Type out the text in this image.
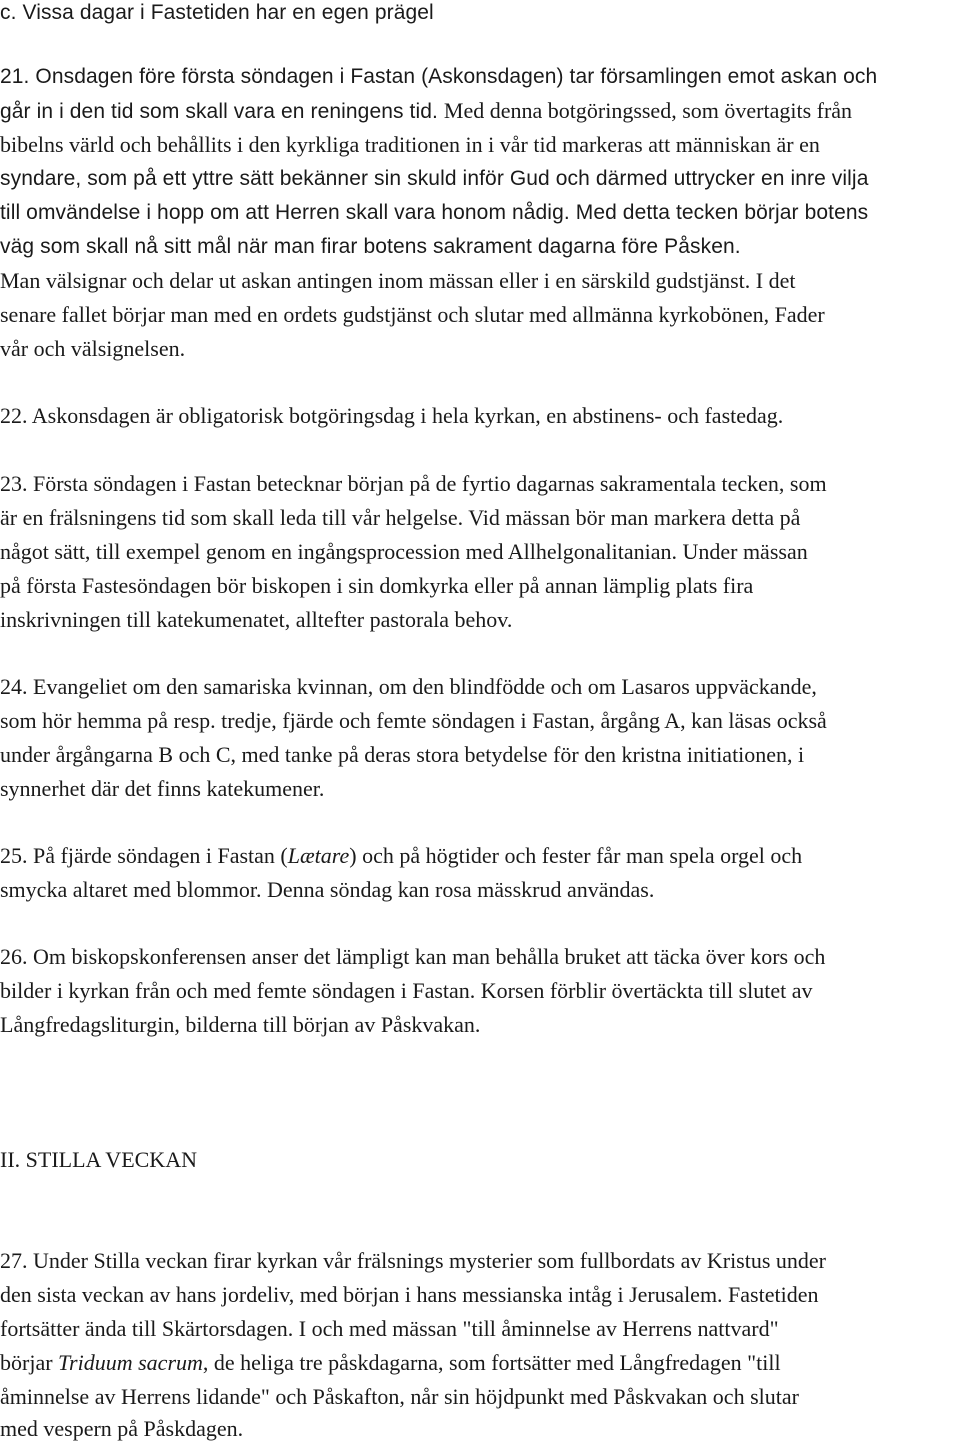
c. Vissa dagar i Fastetiden har en egen prägel

21. Onsdagen före första söndagen i Fastan (Askonsdagen) tar församlingen emot askan och

går in i den tid som skall vara en reningens tid. Med denna botgöringssed, som övertagits från

bibelns värld och behållits i den kyrkliga traditionen in i vår tid markeras att människan är en

syndare, som på ett yttre sätt bekänner sin skuld inför Gud och därmed uttrycker en inre vilja

till omvändelse i hopp om att Herren skall vara honom nådig. Med detta tecken börjar botens

väg som skall nå sitt mål när man firar botens sakrament dagarna före Påsken.

Man välsignar och delar ut askan antingen inom mässan eller i en särskild gudstjänst. I det

senare fallet börjar man med en ordets gudstjänst och slutar med allmänna kyrkobönen, Fader

vår och välsignelsen.

22. Askonsdagen är obligatorisk botgöringsdag i hela kyrkan, en abstinens- och fastedag.

23. Första söndagen i Fastan betecknar början på de fyrtio dagarnas sakramentala tecken, som

är en frälsningens tid som skall leda till vår helgelse. Vid mässan bör man markera detta på

något sätt, till exempel genom en ingångsprocession med Allhelgonalitanian. Under mässan

på första Fastesöndagen bör biskopen i sin domkyrka eller på annan lämplig plats fira

inskrivningen till katekumenatet, alltefter pastorala behov.

24. Evangeliet om den samariska kvinnan, om den blindfödde och om Lasaros uppväckande,

som hör hemma på resp. tredje, fjärde och femte söndagen i Fastan, årgång A, kan läsas också

under årgångarna B och C, med tanke på deras stora betydelse för den kristna initiationen, i

synnerhet där det finns katekumener.

25. På fjärde söndagen i Fastan (Lætare) och på högtider och fester får man spela orgel och

smycka altaret med blommor. Denna söndag kan rosa mässkrud användas.

26. Om biskopskonferensen anser det lämpligt kan man behålla bruket att täcka över kors och

bilder i kyrkan från och med femte söndagen i Fastan. Korsen förblir övertäckta till slutet av

Långfredagsliturgin, bilderna till början av Påskvakan.

II. STILLA VECKAN

27. Under Stilla veckan firar kyrkan vår frälsnings mysterier som fullbordats av Kristus under

den sista veckan av hans jordeliv, med början i hans messianska intåg i Jerusalem. Fastetiden

fortsätter ända till Skärtorsdagen. I och med mässan "till åminnelse av Herrens nattvard"

börjar Triduum sacrum, de heliga tre påskdagarna, som fortsätter med Långfredagen "till

åminnelse av Herrens lidande" och Påskafton, når sin höjdpunkt med Påskvakan och slutar

med vespern på Påskdagen.
